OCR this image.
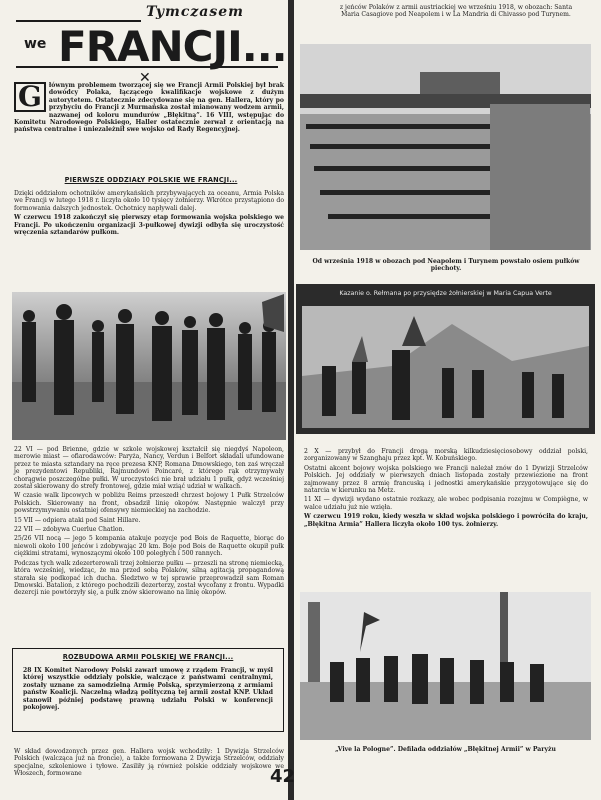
Tymczasem
we FRANCJI...
✕
G	łównym problemem tworzącej się we Francji Armii Polskiej był brak dowódcy Polaka, łączącego kwalifikacje wojskowe z dużym autorytetem. Ostatecznie zdecydowane się na gen. Hallera, który po przybyciu do Francji z Murmańska został mianowany wodzem armii, nazwanej od koloru mundurów „Błękitną”. 16 VIII, wstępując do Komitetu Narodowego Polskiego, Haller ostatecznie zerwał z orientacją na państwa centralne i uniezależnił swe wojsko od Rady Regencyjnej.

PIERWSZE ODDZIAŁY POLSKIE WE FRANCJI...

Dzięki oddziałom ochotników amerykańskich przybywających za oceanu, Armia Polska we Francji w lutego 1918 r. liczyła około 10 tysięcy żołnierzy. Wkrótce przystąpiono do formowania dalszych jednostek. Ochotnicy napływali dalej.

W czerwcu 1918 zakończył się pierwszy etap formowania wojska polskiego we Francji. Po ukończeniu organizacji 3-pułkowej dywizji odbyła się uroczystość wręczenia sztandarów pułkom.

22 VI — pod Brienne, gdzie w szkole wojskowej kształcił się niegdyś Napoleon, merowie miast — ofiarodawców: Paryża, Nancy, Verdun i Belfort składali ufundowane przez te miasta sztandary na ręce prezesa KNP, Romana Dmowskiego, ten zaś wręczał je prezydentowi Republiki, Rajmundowi Poincaré, z którego rąk otrzymywały chorągwie poszczególne pułki. W uroczystości nie brał udziału 1 pułk, gdyż wcześniej został skierowany do strefy frontowej, gdzie miał wziąć udział w walkach.

W czasie walk lipcowych w pobliżu Reims przeszedł chrzest bojowy 1 Pułk Strzelców Polskich. Skierowany na front, obsadził linię okopów. Następnie walczył przy powstrzymywaniu ostatniej ofensywy niemieckiej na zachodzie.

15 VII — odpiera ataki pod Saint Hillare.

22 VII — zdobywa Cuerlue Chatlon.

25/26 VII nocą — jego 5 kompania atakuje pozycje pod Bois de Raquette, biorąc do niewoli około 100 jeńców i zdobywając 20 km. Boje pod Bois de Raquette okupił pułk ciężkimi stratami, wynoszącymi około 100 poległych i 500 rannych.

Podczas tych walk zdezerterowali trzej żołnierze pułku — przeszli na stronę niemiecką, która wcześniej, wiedząc, że ma przed sobą Polaków, silną agitacją propagandową starała się podkopać ich ducha. Śledztwo w tej sprawie przeprowadził sam Roman Dmowski. Batalion, z którego pochodzili dezerterzy, został wycofany z frontu. Wypadki dezercji nie powtórzyły się, a pułk znów skierowano na linię okopów.

ROZBUDOWA ARMII POLSKIEJ WE FRANCJI...

28 IX Komitet Narodowy Polski zawarł umowę z rządem Francji, w myśl której wszystkie oddziały polskie, walczące z państwami centralnymi, zostały uznane za samodzielną Armię Polską, sprzymierzoną z armiami państw Koalicji. Naczelną władzą polityczną tej armii został KNP. Układ stanowił później podstawę prawną udziału Polski w konferencji pokojowej.

W skład dowodzonych przez gen. Hallera wojsk wchodziły: 1 Dywizja Strzelców Polskich (walcząca już na froncie), a także formowana 2 Dywizja Strzelców, oddziały specjalne, szkoleniowe i tyłowe. Zasiliły ją również polskie oddziały wojskowe we Włoszech, formowane

z jeńców Polaków z armii austriackiej we wrześniu 1918, w obozach: Santa Maria Casagiove pod Neapolem i w La Mandria di Chivasso pod Turynem.

Od września 1918 w obozach pod Neapolem i Turynem powstało osiem pułków piechoty.
Kazanie o. Rełmana po przysiędze żołnierskiej w Maria Capua Verte

2 X — przybył do Francji drogą morską kilkudziesięciosobowy oddział polski, zorganizowany w Szanghaju przez kpt. W. Kobuńskiego.

Ostatni akcent bojowy wojska polskiego we Francji należał znów do 1 Dywizji Strzelców Polskich. Jej oddziały w pierwszych dniach listopada zostały przewiezione na front zajmowany przez 8 armię francuską i jednostki amerykańskie przygotowujące się do natarcia w kierunku na Metz.

11 XI — dywizji wydano ostatnie rozkazy, ale wobec podpisania rozejmu w Compiègne, w walce udziału już nie wzięła.

W czerwcu 1919 roku, kiedy weszła w skład wojska polskiego i powróciła do kraju, „Błękitna Armia” Hallera liczyła około 100 tys. żołnierzy.

„Vive la Pologne”. Defilada oddziałów „Błękitnej Armii” w Paryżu
42
